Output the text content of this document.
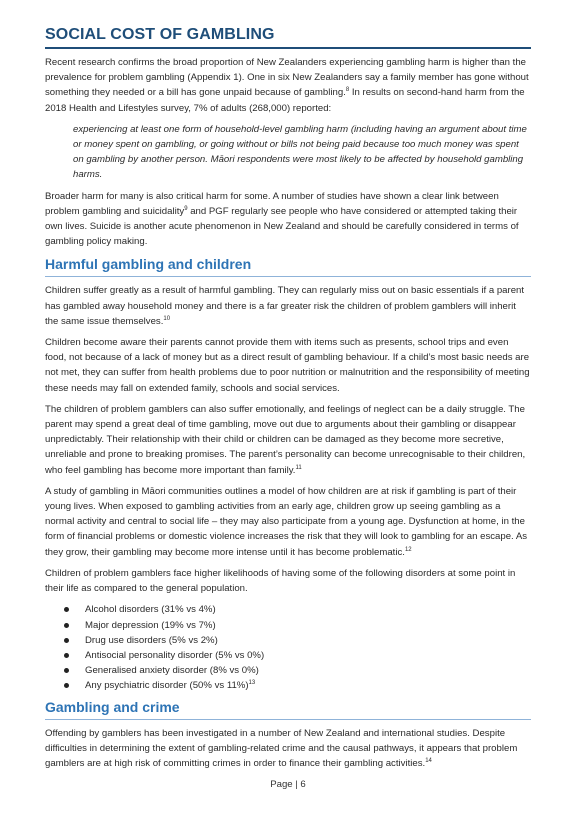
SOCIAL COST OF GAMBLING

Recent research confirms the broad proportion of New Zealanders experiencing gambling harm is higher than the prevalence for problem gambling (Appendix 1). One in six New Zealanders say a family member has gone without something they needed or a bill has gone unpaid because of gambling.$^8$ In results on second-hand harm from the 2018 Health and Lifestyles survey, 7% of adults (268,000) reported:

experiencing at least one form of household-level gambling harm (including having an argument about time or money spent on gambling, or going without or bills not being paid because too much money was spent on gambling by another person. Māori respondents were most likely to be affected by household gambling harms.

Broader harm for many is also critical harm for some. A number of studies have shown a clear link between problem gambling and suicidality$^9$ and PGF regularly see people who have considered or attempted taking their own lives. Suicide is another acute phenomenon in New Zealand and should be carefully considered in terms of gambling policy making.

Harmful gambling and children

Children suffer greatly as a result of harmful gambling. They can regularly miss out on basic essentials if a parent has gambled away household money and there is a far greater risk the children of problem gamblers will inherit the same issue themselves.$^{10}$

Children become aware their parents cannot provide them with items such as presents, school trips and even food, not because of a lack of money but as a direct result of gambling behaviour. If a child’s most basic needs are not met, they can suffer from health problems due to poor nutrition or malnutrition and the responsibility of meeting these needs may fall on extended family, schools and social services.

The children of problem gamblers can also suffer emotionally, and feelings of neglect can be a daily struggle. The parent may spend a great deal of time gambling, move out due to arguments about their gambling or disappear unpredictably. Their relationship with their child or children can be damaged as they become more secretive, unreliable and prone to breaking promises. The parent’s personality can become unrecognisable to their children, who feel gambling has become more important than family.$^{11}$

A study of gambling in Māori communities outlines a model of how children are at risk if gambling is part of their young lives. When exposed to gambling activities from an early age, children grow up seeing gambling as a normal activity and central to social life – they may also participate from a young age. Dysfunction at home, in the form of financial problems or domestic violence increases the risk that they will look to gambling for an escape. As they grow, their gambling may become more intense until it has become problematic.$^{12}$

Children of problem gamblers face higher likelihoods of having some of the following disorders at some point in their life as compared to the general population.

Alcohol disorders (31% vs 4%)
Major depression (19% vs 7%)
Drug use disorders (5% vs 2%)
Antisocial personality disorder (5% vs 0%)
Generalised anxiety disorder (8% vs 0%)
Any psychiatric disorder (50% vs 11%)$^{13}$
Gambling and crime

Offending by gamblers has been investigated in a number of New Zealand and international studies. Despite difficulties in determining the extent of gambling-related crime and the causal pathways, it appears that problem gamblers are at high risk of committing crimes in order to finance their gambling activities.$^{14}$

Page | 6
